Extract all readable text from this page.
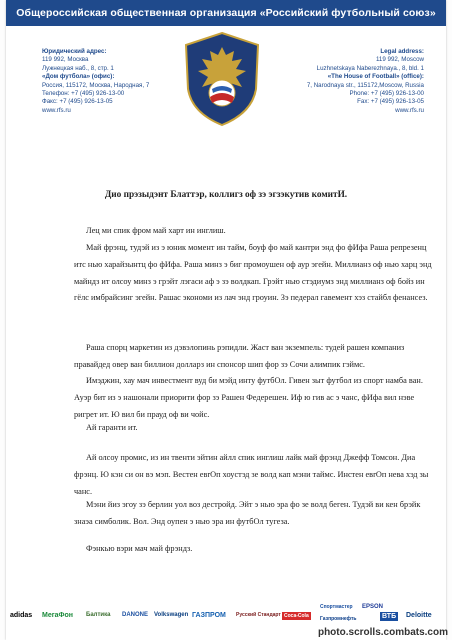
Общероссийская общественная организация «Российский футбольный союз»
Юридический адрес:
119 992, Москва
Лужнецкая наб., 8, стр. 1
«Дом футбола» (офис):
Россия, 115172, Москва, Народная, 7
Телефон: +7 (495) 926-13-00
Факс: +7 (495) 926-13-05
www.rfs.ru
Legal address:
119 992, Moscow
Luzhnetskaya Naberezhnaya., 8, bld. 1
«The House of Football» (office):
7, Narodnaya str., 115172,Moscow, Russia
Phone: +7 (495) 926-13-00
Fax: +7 (495) 926-13-05
www.rfs.ru
Дио прэзыдэнт Блаттэр, коллигз оф зэ эгзэкутив комитИ.

Лец ми спик фром май харт ин инглиш.

Май фрэнц, тудэй из э юник момент ин тайм, боуф фо май кантри энд фо фИфа Раша репрезенц итс нью харайзынтц фо фИфа. Раша минз э биг промоушен оф аур эгейн. Миллианз оф нью харц энд майндз ит олсоу минз э грэйт лэгаси аф э зэ волдкап. Грэйт нью стэдиумз энд миллианз оф бойз ин гёлс имбрайсинг эгейн. Рашас экономи из лач энд гроуин. Зэ педерал гавемент хэз стайбл фенансез.

Раша спорц маркетин из дэвэлопинь рэпидли. Жаст ван экземпель: тудей рашен компаниз правайдед овер ван биллион долларз ин спонсор шип фор зэ Сочи алимпик гэймс.

Имэджин, хау мач инвестмент вуд би мэйд инту футбОл. Гивен зыт футбол из спорт намба ван. Ауэр бит из э нашонали приорити фор зэ Рашен Федерешен. Иф ю гив ас э чанс, фИфа вил нэве ригрет ит. Ю вил би прауд оф ви чойс.

Ай гаранти ит.

Ай олсоу промис, из ин твенти эйтин айлл спик инглиш лайк май фрэнд Джефф Томсон. Диа фрэнц. Ю кэн си он вэ мэп. Вестен евrОп хоустэд зе волд кап мэни таймс. Инстен евrОп нева хэд зы чанс.

Мэни йиз эгоу зэ берлин уол воз дестройд. Эйт э нью эра фо зе волд беген. Тудэй ви кен брэйк знаэа симболик. Вол. Энд оупен э нью эра ин футбОл тугеза.

Фэнкью вэри мач май фрэндз.

adidas МегаФон Балтика DANONE Volkswagen ГАЗПРОМ Русский Стандарт Coca-Cola
Спортмастер
Газпромнефть
EPSON
ВТБ Deloitte
photo.scrolls.combats.com
